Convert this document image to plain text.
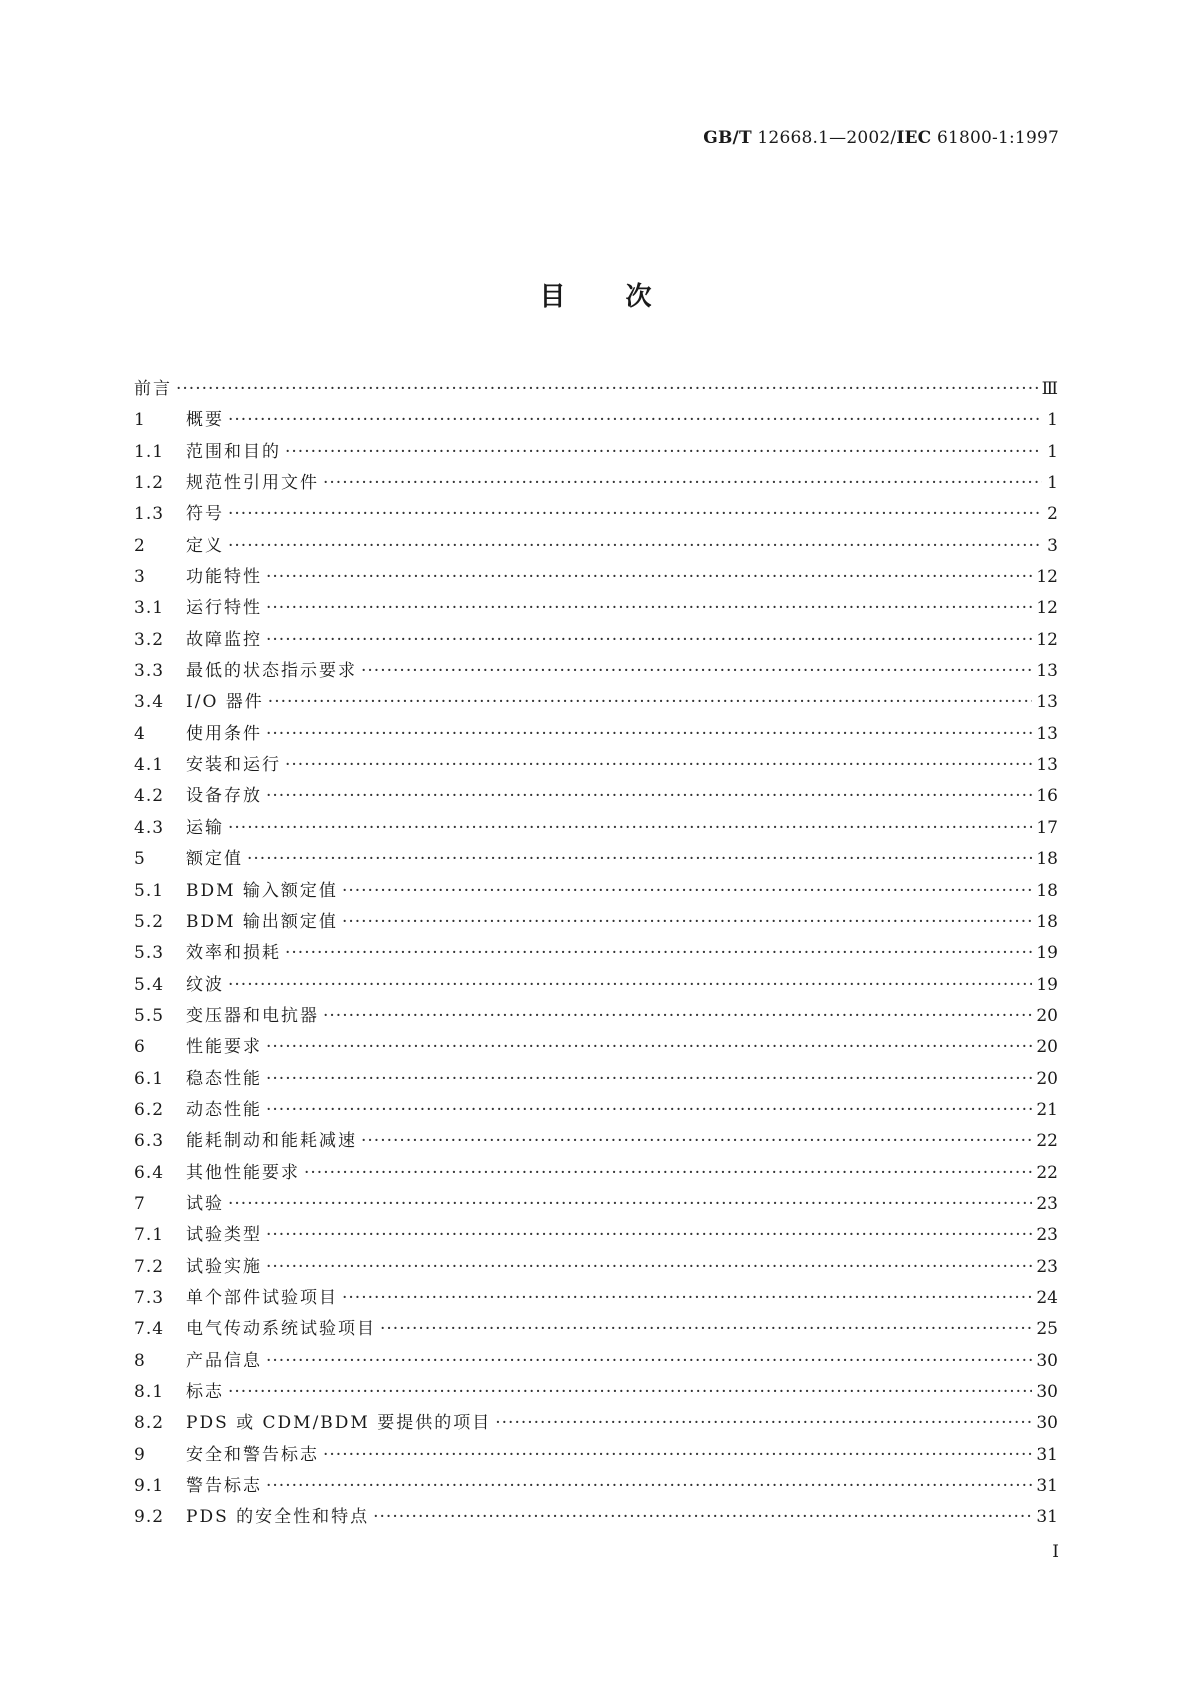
GB/T 12668.1—2002/IEC 61800-1:1997
目次
前言 ·····	Ⅲ
1	概要 ·····	1
1.1	范围和目的 ·····	1
1.2	规范性引用文件 ·····	1
1.3	符号 ·····	2
2	定义 ·····	3
3	功能特性 ·····	12
3.1	运行特性 ·····	12
3.2	故障监控 ·····	12
3.3	最低的状态指示要求 ·····	13
3.4	I/O 器件 ·····	13
4	使用条件 ·····	13
4.1	安装和运行 ·····	13
4.2	设备存放 ·····	16
4.3	运输 ·····	17
5	额定值 ·····	18
5.1	BDM 输入额定值 ·····	18
5.2	BDM 输出额定值 ·····	18
5.3	效率和损耗 ·····	19
5.4	纹波 ·····	19
5.5	变压器和电抗器 ·····	20
6	性能要求 ·····	20
6.1	稳态性能 ·····	20
6.2	动态性能 ·····	21
6.3	能耗制动和能耗减速 ·····	22
6.4	其他性能要求 ·····	22
7	试验 ·····	23
7.1	试验类型 ·····	23
7.2	试验实施 ·····	23
7.3	单个部件试验项目 ·····	24
7.4	电气传动系统试验项目 ·····	25
8	产品信息 ·····	30
8.1	标志 ·····	30
8.2	PDS 或 CDM/BDM 要提供的项目 ·····	30
9	安全和警告标志 ·····	31
9.1	警告标志 ·····	31
9.2	PDS 的安全性和特点 ·····	31
I
